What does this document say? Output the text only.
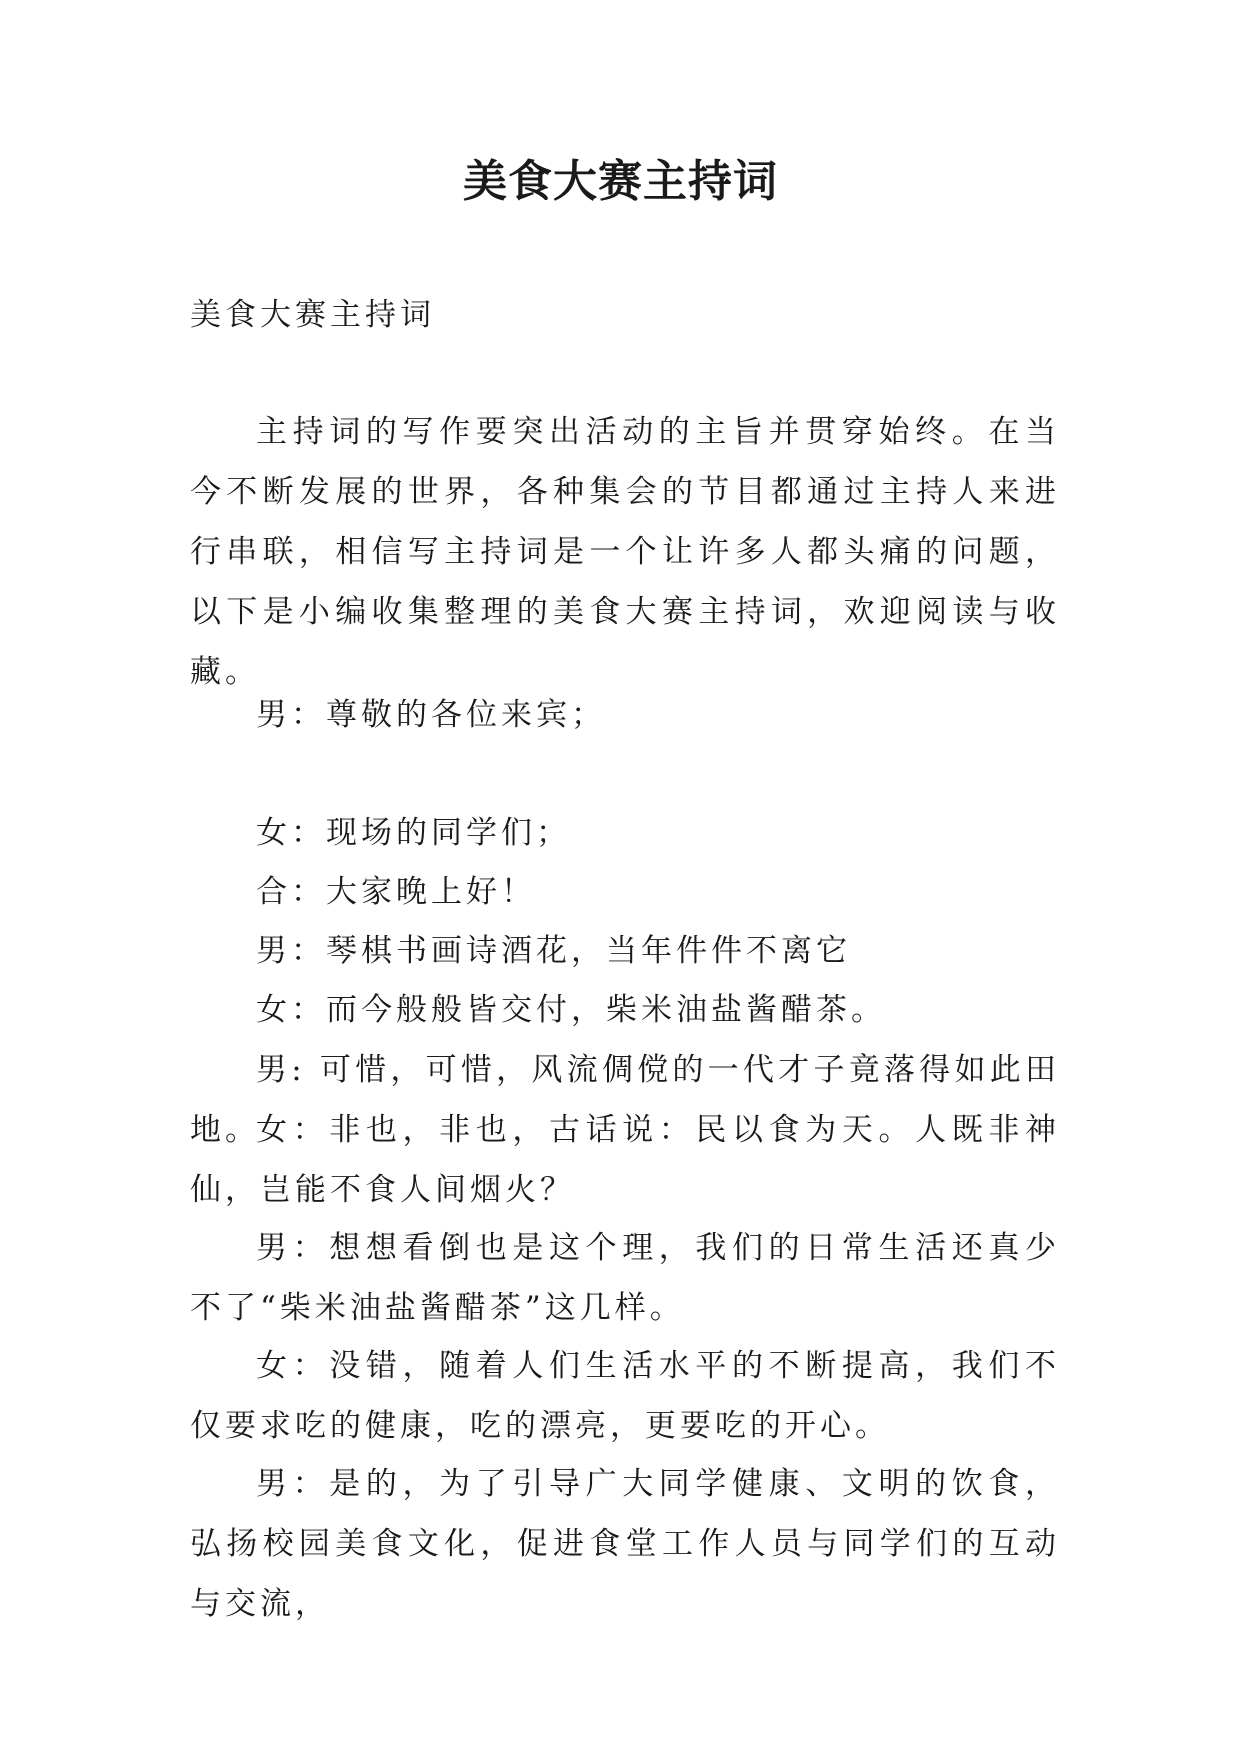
美食大赛主持词

美食大赛主持词

主持词的写作要突出活动的主旨并贯穿始终。在当今不断发展的世界，各种集会的节目都通过主持人来进行串联，相信写主持词是一个让许多人都头痛的问题，以下是小编收集整理的美食大赛主持词，欢迎阅读与收藏。

男：尊敬的各位来宾；

女：现场的同学们；

合：大家晚上好！

男：琴棋书画诗酒花，当年件件不离它

女：而今般般皆交付，柴米油盐酱醋茶。

男: 可惜，可惜，风流倜傥的一代才子竟落得如此田地。

女：非也，非也，古话说：民以食为天。人既非神仙，岂能不食人间烟火？

男：想想看倒也是这个理，我们的日常生活还真少不了“柴米油盐酱醋茶”这几样。

女：没错，随着人们生活水平的不断提高，我们不仅要求吃的健康，吃的漂亮，更要吃的开心。

男：是的，为了引导广大同学健康、文明的饮食，弘扬校园美食文化，促进食堂工作人员与同学们的互动与交流，
